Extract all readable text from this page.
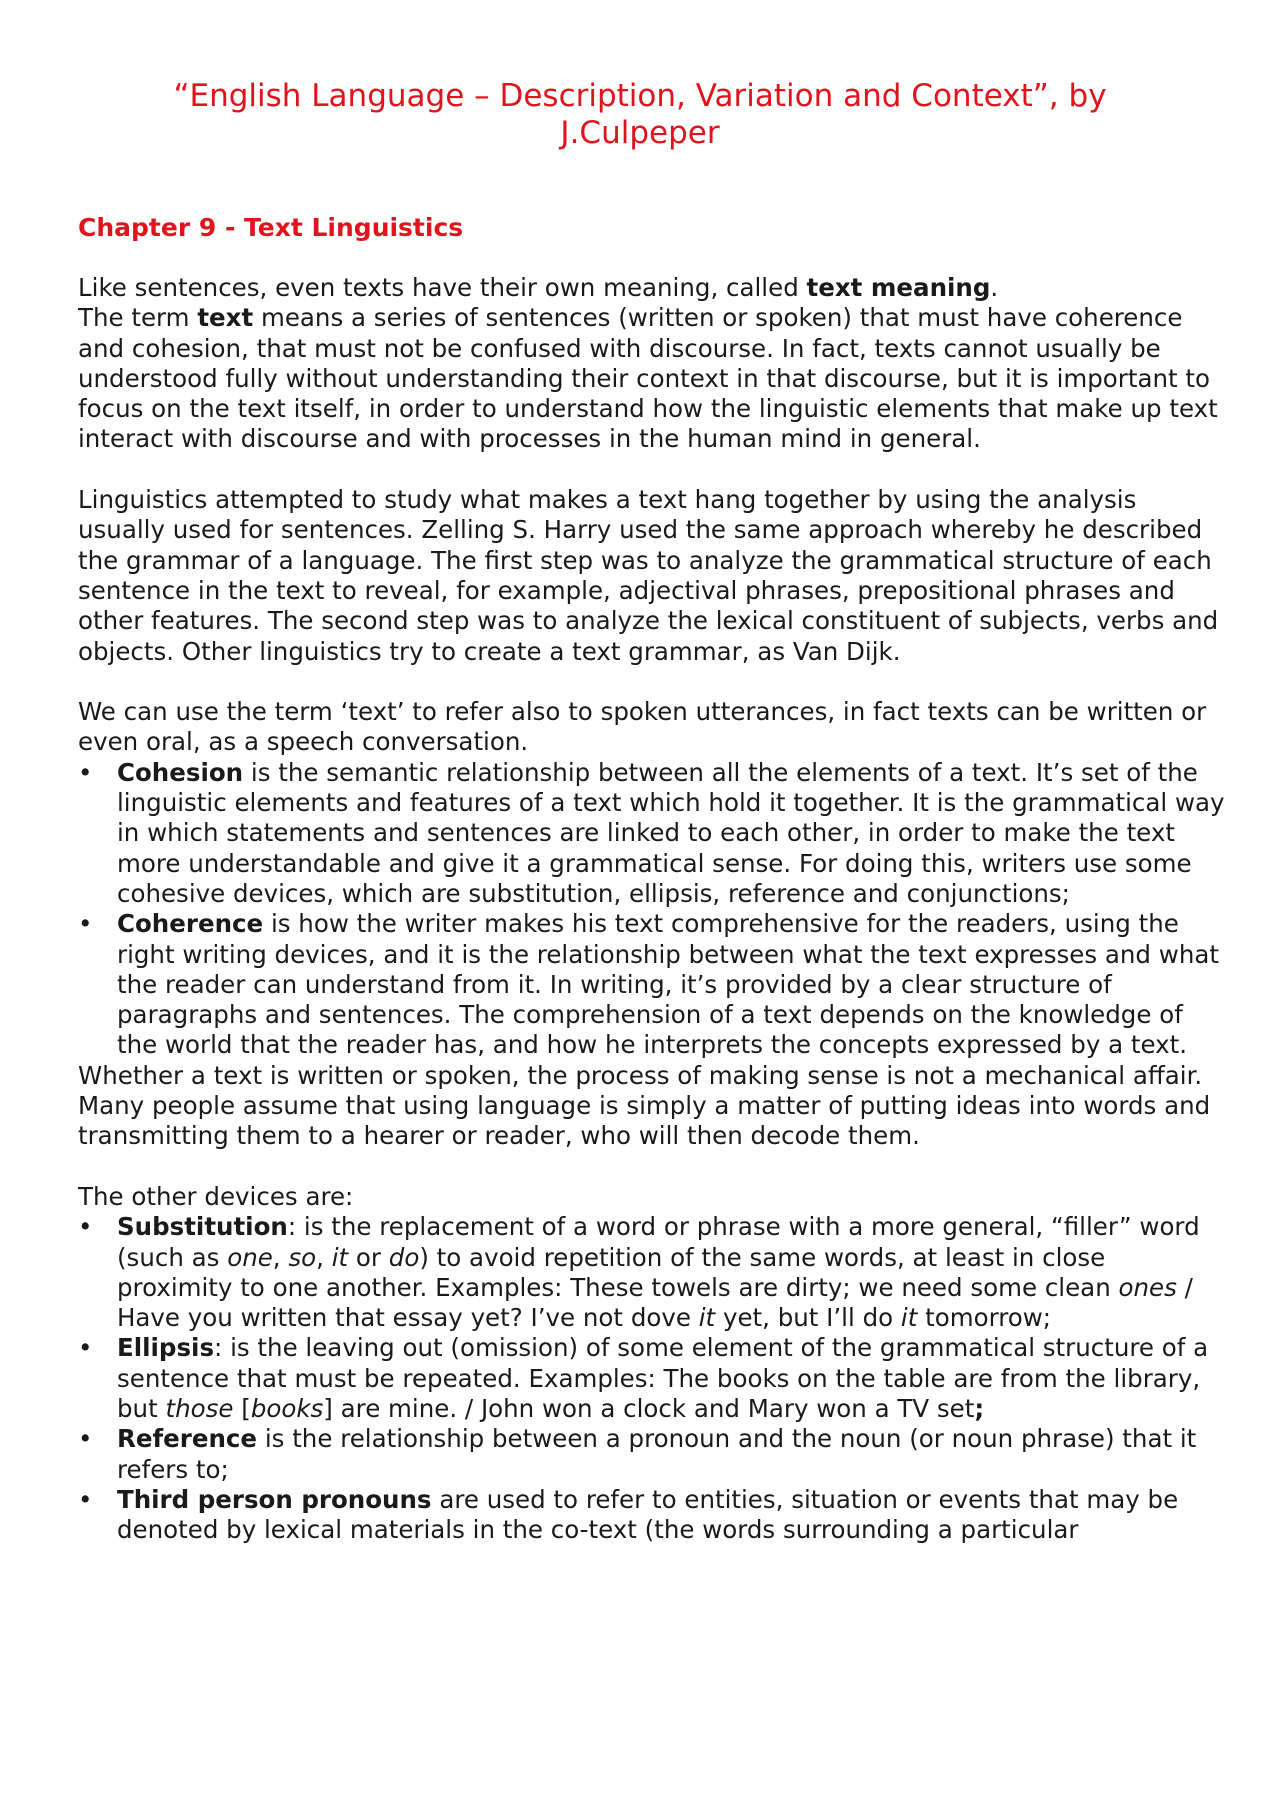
“English Language – Description, Variation and Context”, by J.Culpeper
Chapter 9 - Text Linguistics

Like sentences, even texts have their own meaning, called text meaning.

The term text means a series of sentences (written or spoken) that must have coherence and cohesion, that must not be confused with discourse. In fact, texts cannot usually be understood fully without understanding their context in that discourse, but it is important to focus on the text itself, in order to understand how the linguistic elements that make up text interact with discourse and with processes in the human mind in general.

Linguistics attempted to study what makes a text hang together by using the analysis usually used for sentences. Zelling S. Harry used the same approach whereby he described the grammar of a language. The first step was to analyze the grammatical structure of each sentence in the text to reveal, for example, adjectival phrases, prepositional phrases and other features. The second step was to analyze the lexical constituent of subjects, verbs and objects. Other linguistics try to create a text grammar, as Van Dijk.

We can use the term ‘text’ to refer also to spoken utterances, in fact texts can be written or even oral, as a speech conversation.

•	Cohesion is the semantic relationship between all the elements of a text. It’s set of the linguistic elements and features of a text which hold it together. It is the grammatical way in which statements and sentences are linked to each other, in order to make the text more understandable and give it a grammatical sense. For doing this, writers use some cohesive devices, which are substitution, ellipsis, reference and conjunctions;
•	Coherence is how the writer makes his text comprehensive for the readers, using the right writing devices, and it is the relationship between what the text expresses and what the reader can understand from it. In writing, it’s provided by a clear structure of paragraphs and sentences. The comprehension of a text depends on the knowledge of the world that the reader has, and how he interprets the concepts expressed by a text.

Whether a text is written or spoken, the process of making sense is not a mechanical affair. Many people assume that using language is simply a matter of putting ideas into words and transmitting them to a hearer or reader, who will then decode them.

The other devices are:

•	Substitution: is the replacement of a word or phrase with a more general, “filler” word (such as one, so, it or do) to avoid repetition of the same words, at least in close proximity to one another. Examples: These towels are dirty; we need some clean ones / Have you written that essay yet? I’ve not dove it yet, but I’ll do it tomorrow;
•	Ellipsis: is the leaving out (omission) of some element of the grammatical structure of a sentence that must be repeated. Examples: The books on the table are from the library, but those [books] are mine. / John won a clock and Mary won a TV set;
•	Reference is the relationship between a pronoun and the noun (or noun phrase) that it refers to;
•	Third person pronouns are used to refer to entities, situation or events that may be denoted by lexical materials in the co-text (the words surrounding a particular
